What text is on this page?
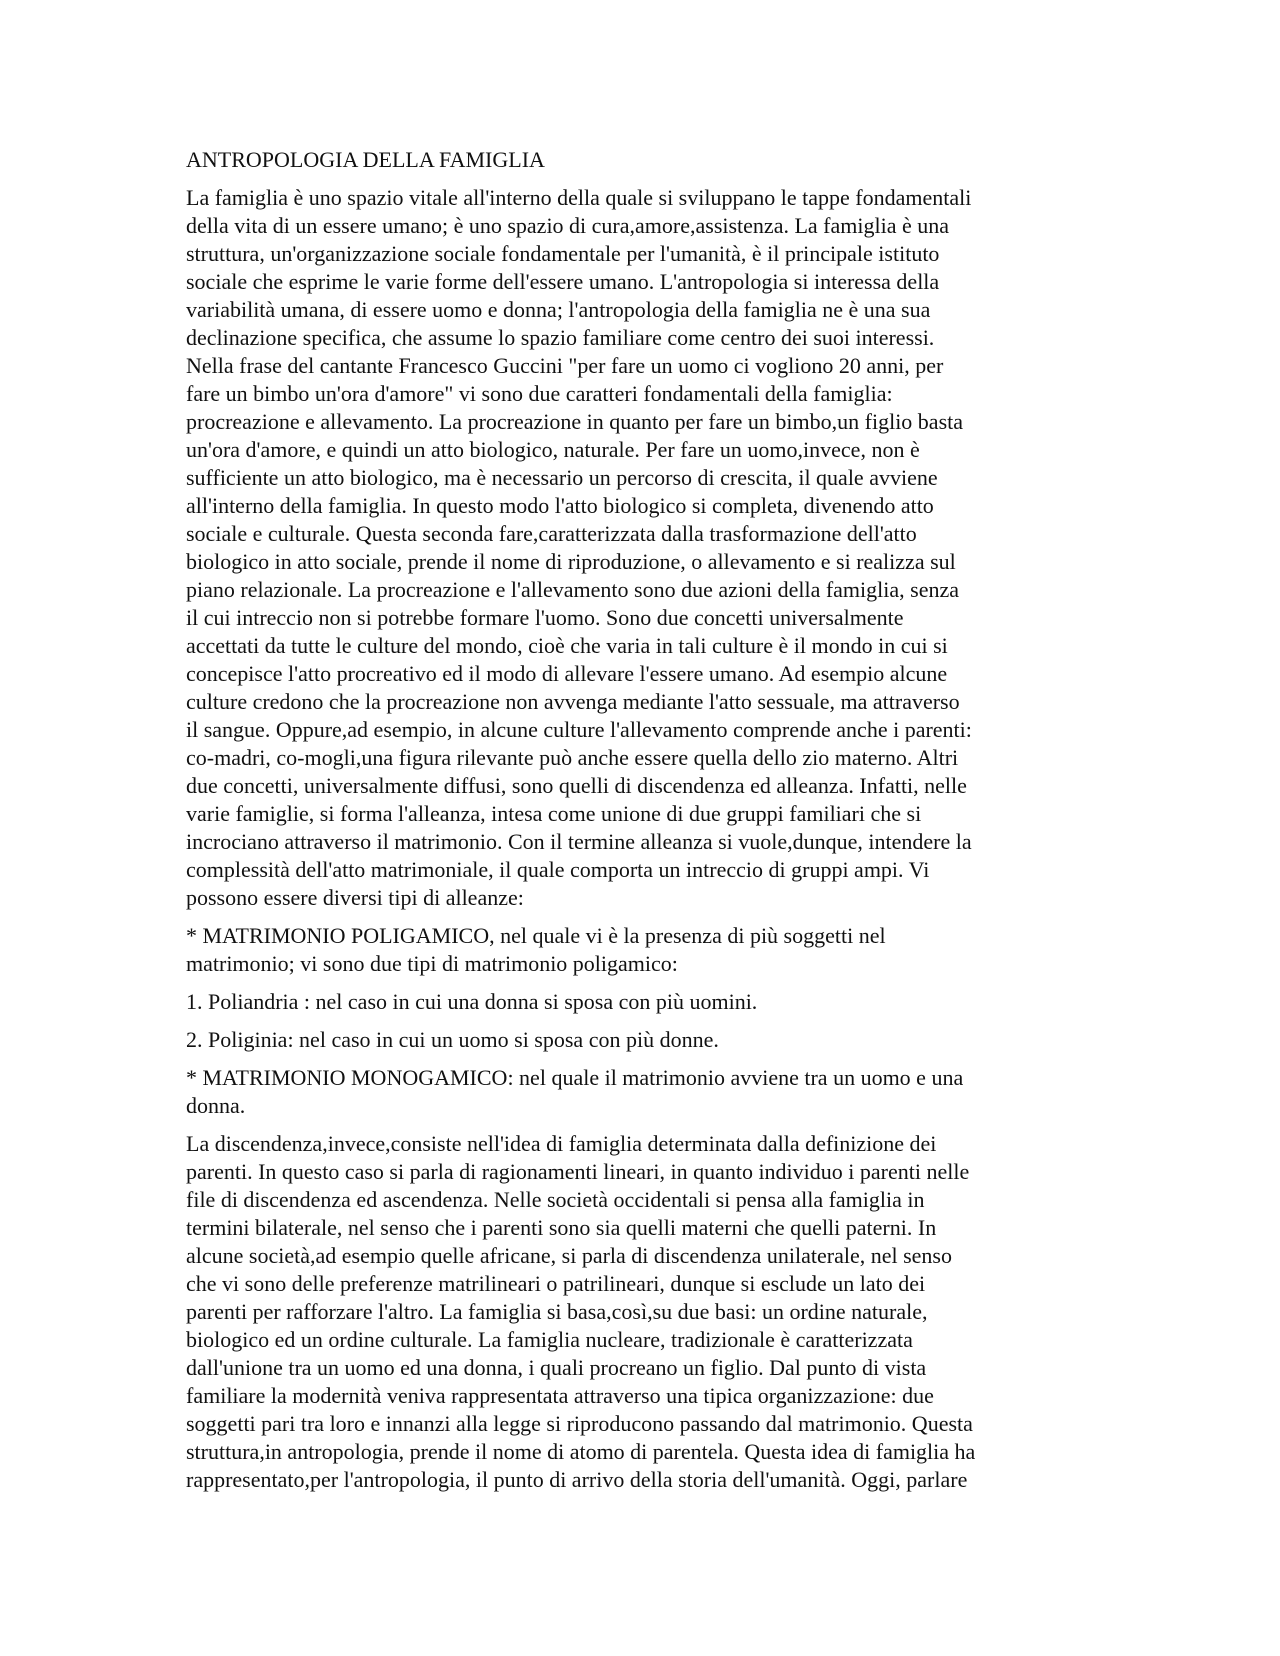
ANTROPOLOGIA DELLA FAMIGLIA
La famiglia è uno spazio vitale all'interno della quale si sviluppano le tappe fondamentali
della vita di un essere umano; è uno spazio di cura,amore,assistenza. La famiglia è una
struttura, un'organizzazione sociale fondamentale per l'umanità, è il principale istituto
sociale che esprime le varie forme dell'essere umano. L'antropologia si interessa della
variabilità umana, di essere uomo e donna; l'antropologia della famiglia ne è una sua
declinazione specifica, che assume lo spazio familiare come centro dei suoi interessi.
Nella frase del cantante Francesco Guccini "per fare un uomo ci vogliono 20 anni, per
fare un bimbo un'ora d'amore" vi sono due caratteri fondamentali della famiglia:
procreazione e allevamento. La procreazione in quanto per fare un bimbo,un figlio basta
un'ora d'amore, e quindi un atto biologico, naturale. Per fare un uomo,invece, non è
sufficiente un atto biologico, ma è necessario un percorso di crescita, il quale avviene
all'interno della famiglia. In questo modo l'atto biologico si completa, divenendo atto
sociale e culturale. Questa seconda fare,caratterizzata dalla trasformazione dell'atto
biologico in atto sociale, prende il nome di riproduzione, o allevamento e si realizza sul
piano relazionale. La procreazione e l'allevamento sono due azioni della famiglia, senza
il cui intreccio non si potrebbe formare l'uomo. Sono due concetti universalmente
accettati da tutte le culture del mondo, cioè che varia in tali culture è il mondo in cui si
concepisce l'atto procreativo ed il modo di allevare l'essere umano. Ad esempio alcune
culture credono che la procreazione non avvenga mediante l'atto sessuale, ma attraverso
il sangue. Oppure,ad esempio, in alcune culture l'allevamento comprende anche i parenti:
co-madri, co-mogli,una figura rilevante può anche essere quella dello zio materno. Altri
due concetti, universalmente diffusi, sono quelli di discendenza ed alleanza. Infatti, nelle
varie famiglie, si forma l'alleanza, intesa come unione di due gruppi familiari che si
incrociano attraverso il matrimonio. Con il termine alleanza si vuole,dunque, intendere la
complessità dell'atto matrimoniale, il quale comporta un intreccio di gruppi ampi. Vi
possono essere diversi tipi di alleanze:
* MATRIMONIO POLIGAMICO, nel quale vi è la presenza di più soggetti nel
matrimonio; vi sono due tipi di matrimonio poligamico:
1. Poliandria : nel caso in cui una donna si sposa con più uomini.
2. Poliginia: nel caso in cui un uomo si sposa con più donne.
* MATRIMONIO MONOGAMICO: nel quale il matrimonio avviene tra un uomo e una
donna.
La discendenza,invece,consiste nell'idea di famiglia determinata dalla definizione dei
parenti. In questo caso si parla di ragionamenti lineari, in quanto individuo i parenti nelle
file di discendenza ed ascendenza. Nelle società occidentali si pensa alla famiglia in
termini bilaterale, nel senso che i parenti sono sia quelli materni che quelli paterni. In
alcune società,ad esempio quelle africane, si parla di discendenza unilaterale, nel senso
che vi sono delle preferenze matrilineari o patrilineari, dunque si esclude un lato dei
parenti per rafforzare l'altro. La famiglia si basa,così,su due basi: un ordine naturale,
biologico ed un ordine culturale. La famiglia nucleare, tradizionale è caratterizzata
dall'unione tra un uomo ed una donna, i quali procreano un figlio. Dal punto di vista
familiare la modernità veniva rappresentata attraverso una tipica organizzazione: due
soggetti pari tra loro e innanzi alla legge si riproducono passando dal matrimonio. Questa
struttura,in antropologia, prende il nome di atomo di parentela. Questa idea di famiglia ha
rappresentato,per l'antropologia, il punto di arrivo della storia dell'umanità. Oggi, parlare
